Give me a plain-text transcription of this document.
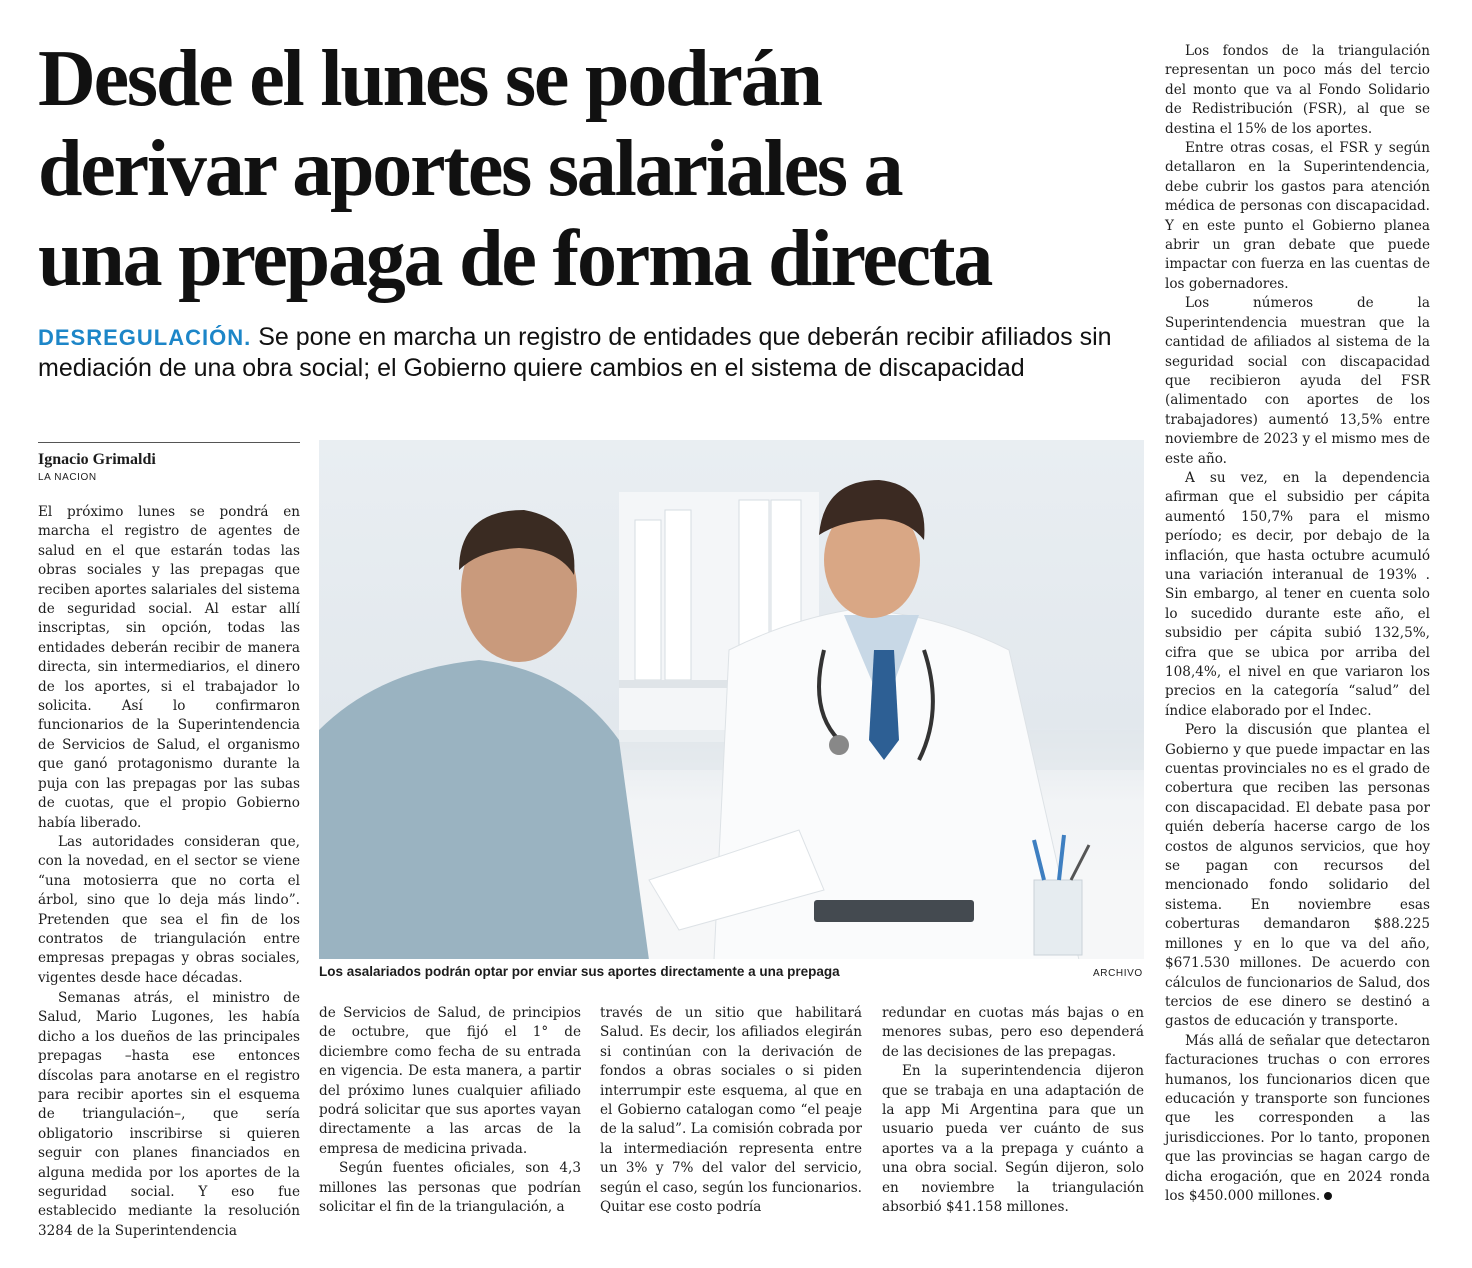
Desde el lunes se podrán
derivar aportes salariales a
una prepaga de forma directa
DESREGULACIÓN. Se pone en marcha un registro de entidades que deberán recibir afiliados sin mediación de una obra social; el Gobierno quiere cambios en el sistema de discapacidad
Ignacio Grimaldi
LA NACION
Los asalariados podrán optar por enviar sus aportes directamente a una prepaga	ARCHIVO

El próximo lunes se pondrá en marcha el registro de agentes de salud en el que estarán todas las obras sociales y las prepagas que reciben aportes salariales del sistema de seguridad social. Al estar allí inscriptas, sin opción, todas las entidades deberán recibir de manera directa, sin intermediarios, el dinero de los aportes, si el trabajador lo solicita. Así lo confirmaron funcionarios de la Superintendencia de Servicios de Salud, el organismo que ganó protagonismo durante la puja con las prepagas por las subas de cuotas, que el propio Gobierno había liberado.

Las autoridades consideran que, con la novedad, en el sector se viene “una motosierra que no corta el árbol, sino que lo deja más lindo”. Pretenden que sea el fin de los contratos de triangulación entre empresas prepagas y obras sociales, vigentes desde hace décadas.

Semanas atrás, el ministro de Salud, Mario Lugones, les había dicho a los dueños de las principales prepagas –hasta ese entonces díscolas para anotarse en el registro para recibir aportes sin el esquema de triangulación–, que sería obligatorio inscribirse si quieren seguir con planes financiados en alguna medida por los aportes de la seguridad social. Y eso fue establecido mediante la resolución 3284 de la Superintendencia

de Servicios de Salud, de principios de octubre, que fijó el 1° de diciembre como fecha de su entrada en vigencia. De esta manera, a partir del próximo lunes cualquier afiliado podrá solicitar que sus aportes vayan directamente a las arcas de la empresa de medicina privada.

Según fuentes oficiales, son 4,3 millones las personas que podrían solicitar el fin de la triangulación, a

través de un sitio que habilitará Salud. Es decir, los afiliados elegirán si continúan con la derivación de fondos a obras sociales o si piden interrumpir este esquema, al que en el Gobierno catalogan como “el peaje de la salud”. La comisión cobrada por la intermediación representa entre un 3% y 7% del valor del servicio, según el caso, según los funcionarios. Quitar ese costo podría

redundar en cuotas más bajas o en menores subas, pero eso dependerá de las decisiones de las prepagas.

En la superintendencia dijeron que se trabaja en una adaptación de la app Mi Argentina para que un usuario pueda ver cuánto de sus aportes va a la prepaga y cuánto a una obra social. Según dijeron, solo en noviembre la triangulación absorbió $41.158 millones.

Los fondos de la triangulación representan un poco más del tercio del monto que va al Fondo Solidario de Redistribución (FSR), al que se destina el 15% de los aportes.

Entre otras cosas, el FSR y según detallaron en la Superintendencia, debe cubrir los gastos para atención médica de personas con discapacidad. Y en este punto el Gobierno planea abrir un gran debate que puede impactar con fuerza en las cuentas de los gobernadores.

Los números de la Superintendencia muestran que la cantidad de afiliados al sistema de la seguridad social con discapacidad que recibieron ayuda del FSR (alimentado con aportes de los trabajadores) aumentó 13,5% entre noviembre de 2023 y el mismo mes de este año.

A su vez, en la dependencia afirman que el subsidio per cápita aumentó 150,7% para el mismo período; es decir, por debajo de la inflación, que hasta octubre acumuló una variación interanual de 193% . Sin embargo, al tener en cuenta solo lo sucedido durante este año, el subsidio per cápita subió 132,5%, cifra que se ubica por arriba del 108,4%, el nivel en que variaron los precios en la categoría “salud” del índice elaborado por el Indec.

Pero la discusión que plantea el Gobierno y que puede impactar en las cuentas provinciales no es el grado de cobertura que reciben las personas con discapacidad. El debate pasa por quién debería hacerse cargo de los costos de algunos servicios, que hoy se pagan con recursos del mencionado fondo solidario del sistema. En noviembre esas coberturas demandaron $88.225 millones y en lo que va del año, $671.530 millones. De acuerdo con cálculos de funcionarios de Salud, dos tercios de ese dinero se destinó a gastos de educación y transporte.

Más allá de señalar que detectaron facturaciones truchas o con errores humanos, los funcionarios dicen que educación y transporte son funciones que les corresponden a las jurisdicciones. Por lo tanto, proponen que las provincias se hagan cargo de dicha erogación, que en 2024 ronda los $450.000 millones.
